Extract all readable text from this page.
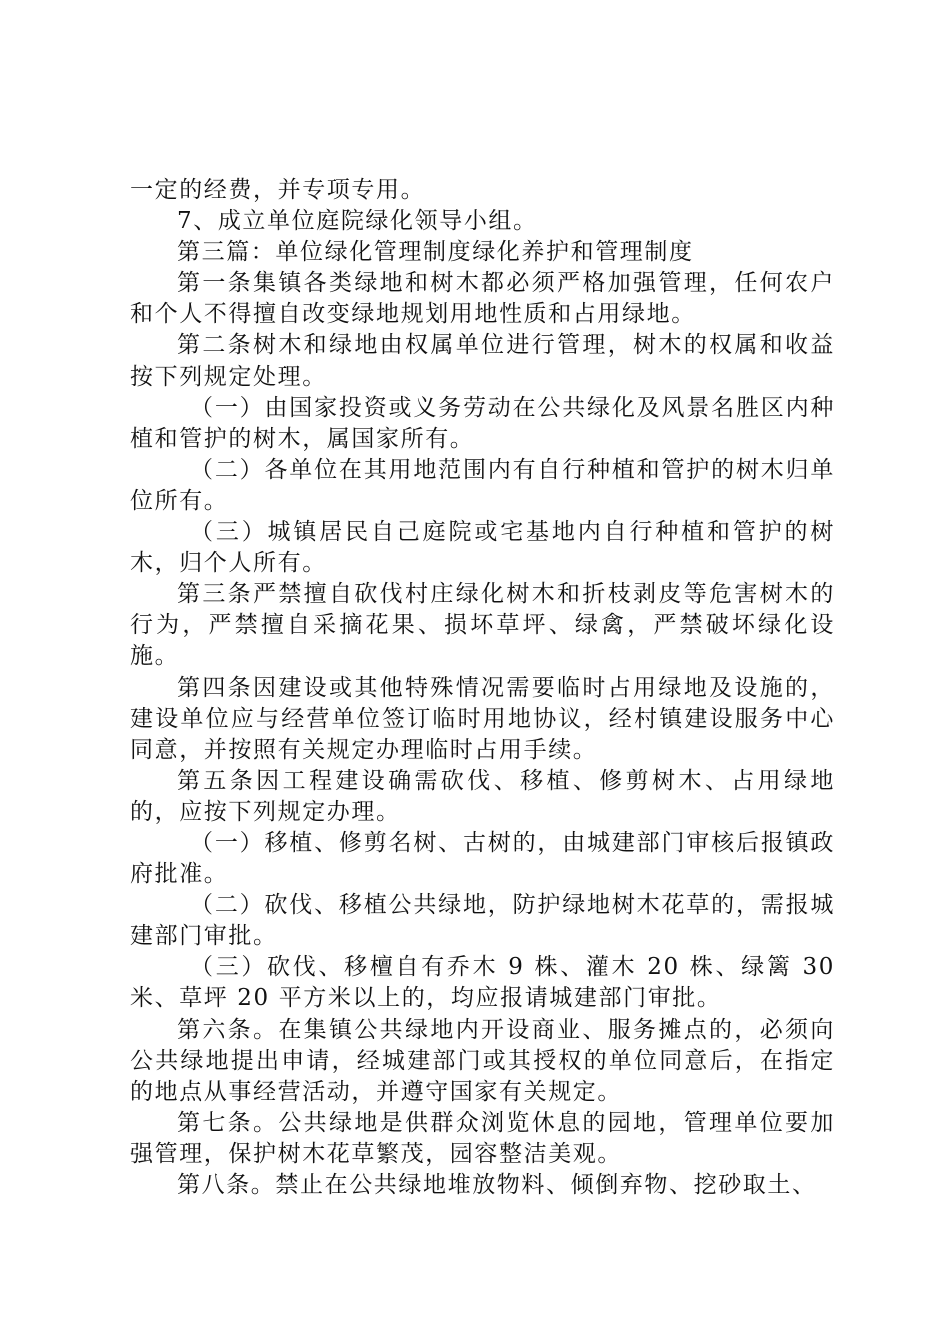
一定的经费，并专项专用。

7、成立单位庭院绿化领导小组。

第三篇：单位绿化管理制度绿化养护和管理制度

第一条集镇各类绿地和树木都必须严格加强管理，任何农户和个人不得擅自改变绿地规划用地性质和占用绿地。

第二条树木和绿地由权属单位进行管理，树木的权属和收益按下列规定处理。

（一）由国家投资或义务劳动在公共绿化及风景名胜区内种植和管护的树木，属国家所有。

（二）各单位在其用地范围内有自行种植和管护的树木归单位所有。

（三）城镇居民自己庭院或宅基地内自行种植和管护的树木，归个人所有。

第三条严禁擅自砍伐村庄绿化树木和折枝剥皮等危害树木的行为，严禁擅自采摘花果、损坏草坪、绿禽，严禁破坏绿化设施。

第四条因建设或其他特殊情况需要临时占用绿地及设施的，建设单位应与经营单位签订临时用地协议，经村镇建设服务中心同意，并按照有关规定办理临时占用手续。

第五条因工程建设确需砍伐、移植、修剪树木、占用绿地的，应按下列规定办理。

（一）移植、修剪名树、古树的，由城建部门审核后报镇政府批准。

（二）砍伐、移植公共绿地，防护绿地树木花草的，需报城建部门审批。

（三）砍伐、移檀自有乔木 9 株、灌木 20 株、绿篱 30 米、草坪 20 平方米以上的，均应报请城建部门审批。

第六条。在集镇公共绿地内开设商业、服务摊点的，必须向公共绿地提出申请，经城建部门或其授权的单位同意后，在指定的地点从事经营活动，并遵守国家有关规定。

第七条。公共绿地是供群众浏览休息的园地，管理单位要加强管理，保护树木花草繁茂，园容整洁美观。

第八条。禁止在公共绿地堆放物料、倾倒弃物、挖砂取土、
